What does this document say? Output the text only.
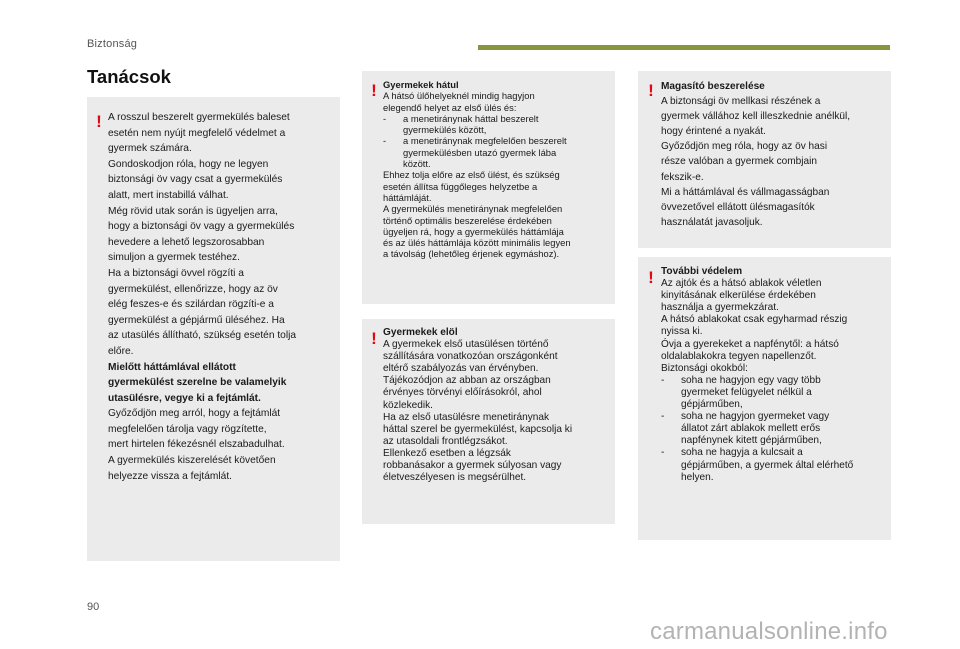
Biztonság
Tanácsok
! A rosszul beszerelt gyermekülés baleset
esetén nem nyújt megfelelő védelmet a
gyermek számára.
Gondoskodjon róla, hogy ne legyen
biztonsági öv vagy csat a gyermekülés
alatt, mert instabillá válhat.
Még rövid utak során is ügyeljen arra,
hogy a biztonsági öv vagy a gyermekülés
hevedere a lehető legszorosabban
simuljon a gyermek testéhez.
Ha a biztonsági övvel rögzíti a
gyermekülést, ellenőrizze, hogy az öv
elég feszes-e és szilárdan rögzíti-e a
gyermekülést a gépjármű üléséhez. Ha
az utasülés állítható, szükség esetén tolja
előre.
Mielőtt háttámlával ellátott
gyermekülést szerelne be valamelyik
utasülésre, vegye ki a fejtámlát.
Győződjön meg arról, hogy a fejtámlát
megfelelően tárolja vagy rögzítette,
mert hirtelen fékezésnél elszabadulhat.
A gyermekülés kiszerelését követően
helyezze vissza a fejtámlát.
! Gyermekek hátul
A hátsó ülőhelyeknél mindig hagyjon
elegendő helyet az első ülés és:
- a menetiránynak háttal beszerelt
gyermekülés között,
- a menetiránynak megfelelően beszerelt
gyermekülésben utazó gyermek lába
között.
Ehhez tolja előre az első ülést, és szükség
esetén állítsa függőleges helyzetbe a
háttámláját.
A gyermekülés menetiránynak megfelelően
történő optimális beszerelése érdekében
ügyeljen rá, hogy a gyermekülés háttámlája
és az ülés háttámlája között minimális legyen
a távolság (lehetőleg érjenek egymáshoz).
! Gyermekek elöl
A gyermekek első utasülésen történő
szállítására vonatkozóan országonként
eltérő szabályozás van érvényben.
Tájékozódjon az abban az országban
érvényes törvényi előírásokról, ahol
közlekedik.
Ha az első utasülésre menetiránynak
háttal szerel be gyermekülést, kapcsolja ki
az utasoldali frontlégzsákot.
Ellenkező esetben a légzsák
robbanásakor a gyermek súlyosan vagy
életveszélyesen is megsérülhet.
! Magasító beszerelése
A biztonsági öv mellkasi részének a
gyermek vállához kell illeszkednie anélkül,
hogy érintené a nyakát.
Győződjön meg róla, hogy az öv hasi
része valóban a gyermek combjain
fekszik-e.
Mi a háttámlával és vállmagasságban
övvezetővel ellátott ülésmagasítók
használatát javasoljuk.
! További védelem
Az ajtók és a hátsó ablakok véletlen
kinyitásának elkerülése érdekében
használja a gyermekzárat.
A hátsó ablakokat csak egyharmad részig
nyissa ki.
Óvja a gyerekeket a napfénytől: a hátsó
oldalablakokra tegyen napellenzőt.
Biztonsági okokból:
- soha ne hagyjon egy vagy több
gyermeket felügyelet nélkül a
gépjárműben,
- soha ne hagyjon gyermeket vagy
állatot zárt ablakok mellett erős
napfénynek kitett gépjárműben,
- soha ne hagyja a kulcsait a
gépjárműben, a gyermek által elérhető
helyen.
90
carmanualsonline.info
